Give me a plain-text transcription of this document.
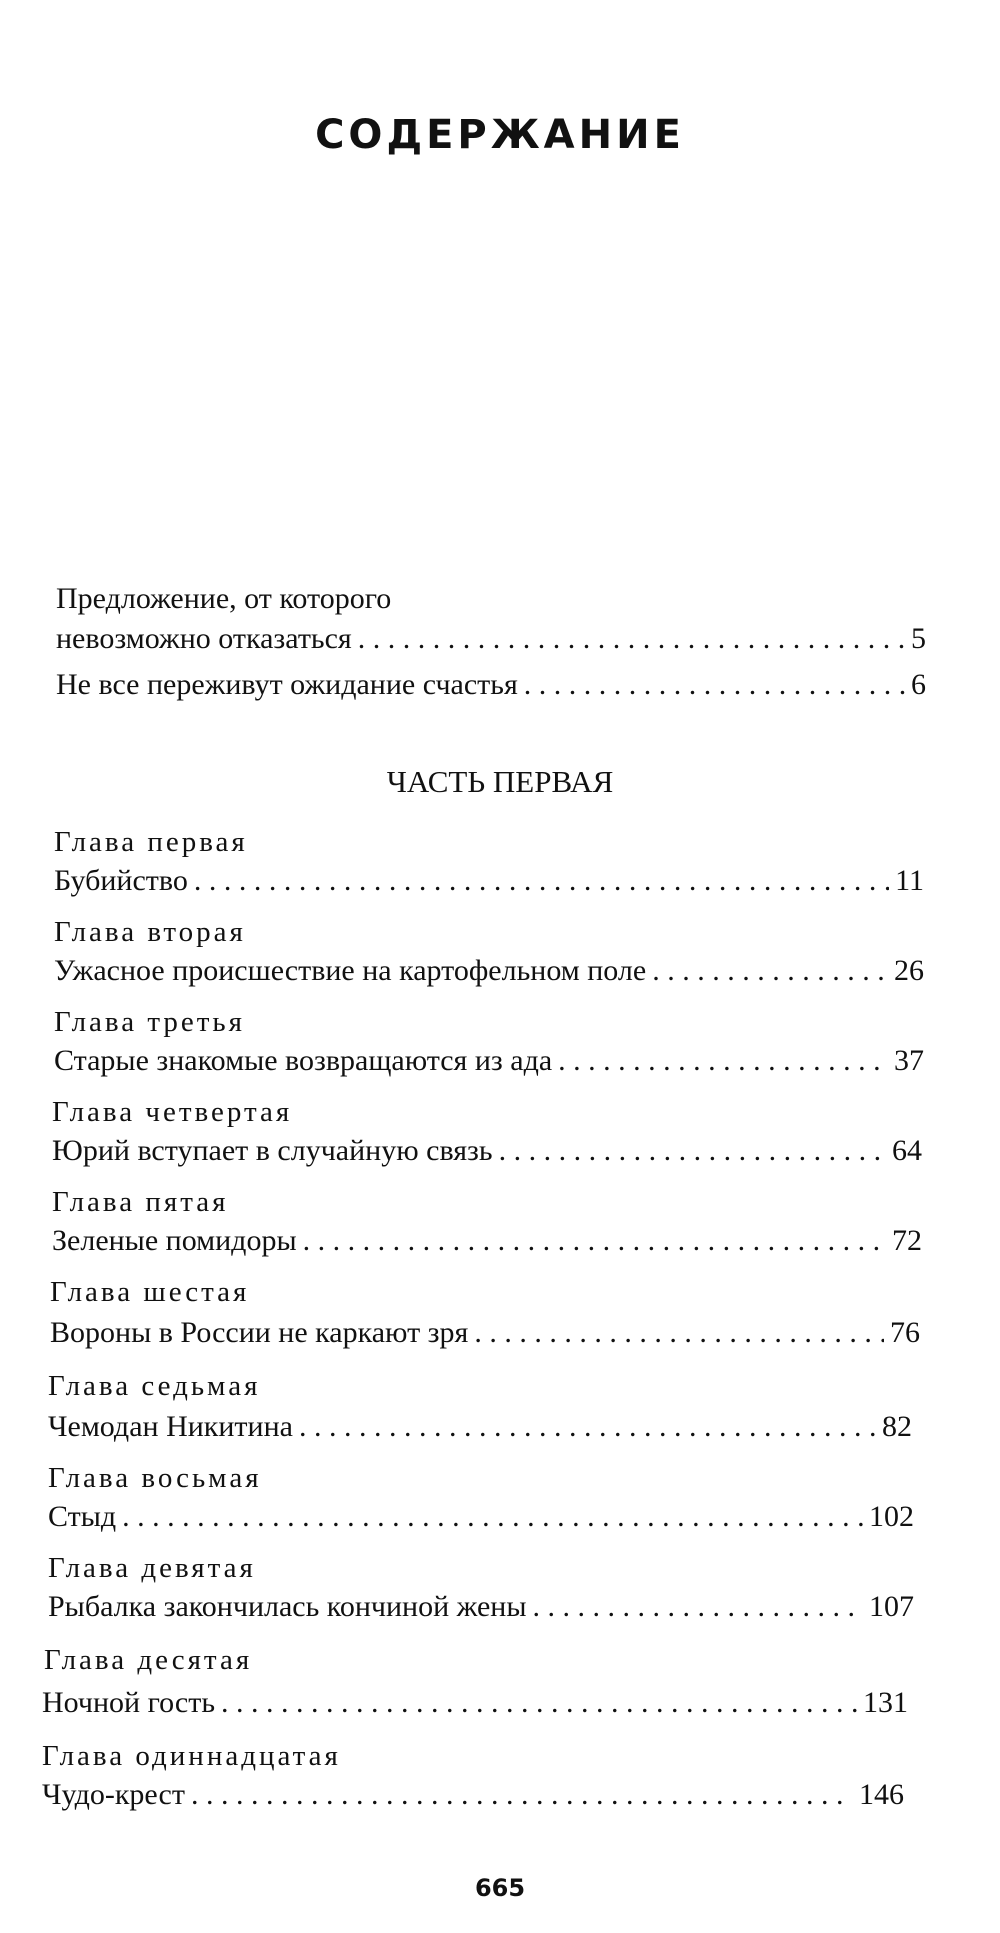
СОДЕРЖАНИЕ
Предложение, от которого
невозможно отказаться . . .	5
Не все переживут ожидание счастья . . .	6
ЧАСТЬ ПЕРВАЯ
Глава первая
Бубийство . . .	11
Глава вторая
Ужасное происшествие на картофельном поле . . .	26
Глава третья
Старые знакомые возвращаются из ада . . .	37
Глава четвертая
Юрий вступает в случайную связь . . .	64
Глава пятая
Зеленые помидоры . . .	72
Глава шестая
Вороны в России не каркают зря . . .	76
Глава седьмая
Чемодан Никитина . . .	82
Глава восьмая
Стыд . . .	102
Глава девятая
Рыбалка закончилась кончиной жены . . .	107
Глава десятая
Ночной гость . . .	131
Глава одиннадцатая
Чудо-крест . . .	146
665
